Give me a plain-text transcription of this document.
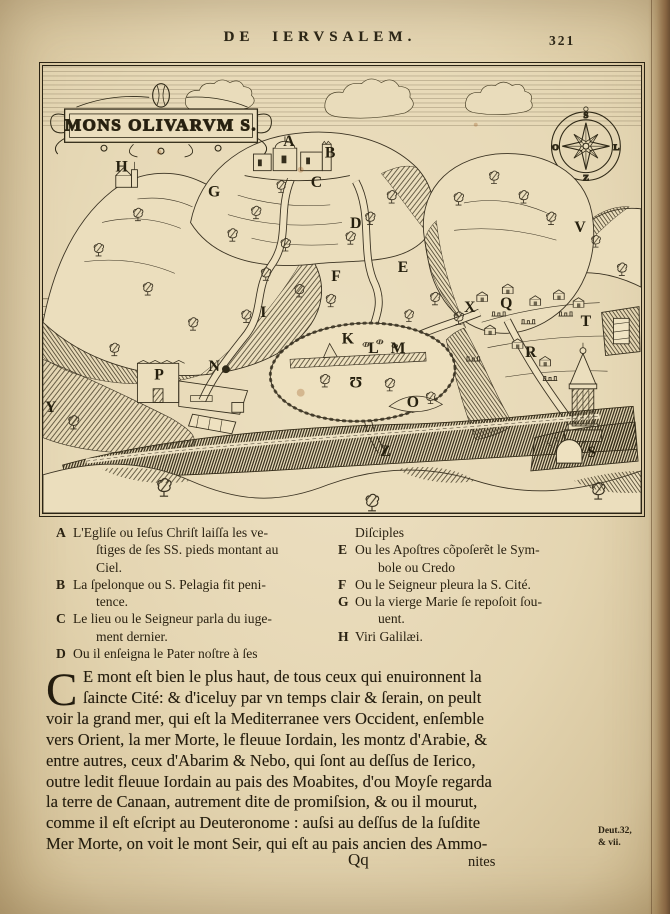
DE IERVSALEM.	321
S
L
Z
O
MONS OLIVARVM S.
A
B
C
D
E
F
G
H
I
K
L M
N
O
P
Q
R
S
T
V
X
Y
Z
Ʊ
A L'Egliſe ou Ieſus Chriſt laiſſa les ve-
ſtiges de ſes SS. pieds montant au
Ciel.
B La ſpelonque ou S. Pelagia fit peni-
tence.
C Le lieu ou le Seigneur parla du iuge-
ment dernier.
D Ou il enſeigna le Pater noſtre à ſes
Diſciples
E Ou les Apoſtres cõpoſerẽt le Sym-
bole ou Credo
F Ou le Seigneur pleura la S. Cité.
G Ou la vierge Marie ſe repoſoit ſou-
uent.
H Viri Galilæi.
C E mont eſt bien le plus haut, de tous ceux qui enuironnent la
ſaincte Cité: & d'iceluy par vn temps clair & ſerain, on peult
voir la grand mer, qui eſt la Mediterranee vers Occident, enſemble
vers Orient, la mer Morte, le fleuue Iordain, les montz d'Arabie, &
entre autres, ceux d'Abarim & Nebo, qui ſont au deſſus de Ierico,
outre ledit fleuue Iordain au pais des Moabites, d'ou Moyſe regarda
la terre de Canaan, autrement dite de promiſsion, & ou il mourut,
comme il eſt eſcript au Deuteronome : auſsi au deſſus de la ſuſdite
Mer Morte, on voit le mont Seir, qui eſt au pais ancien des Ammo-
Deut.32,
& vii.
Qq	nites
